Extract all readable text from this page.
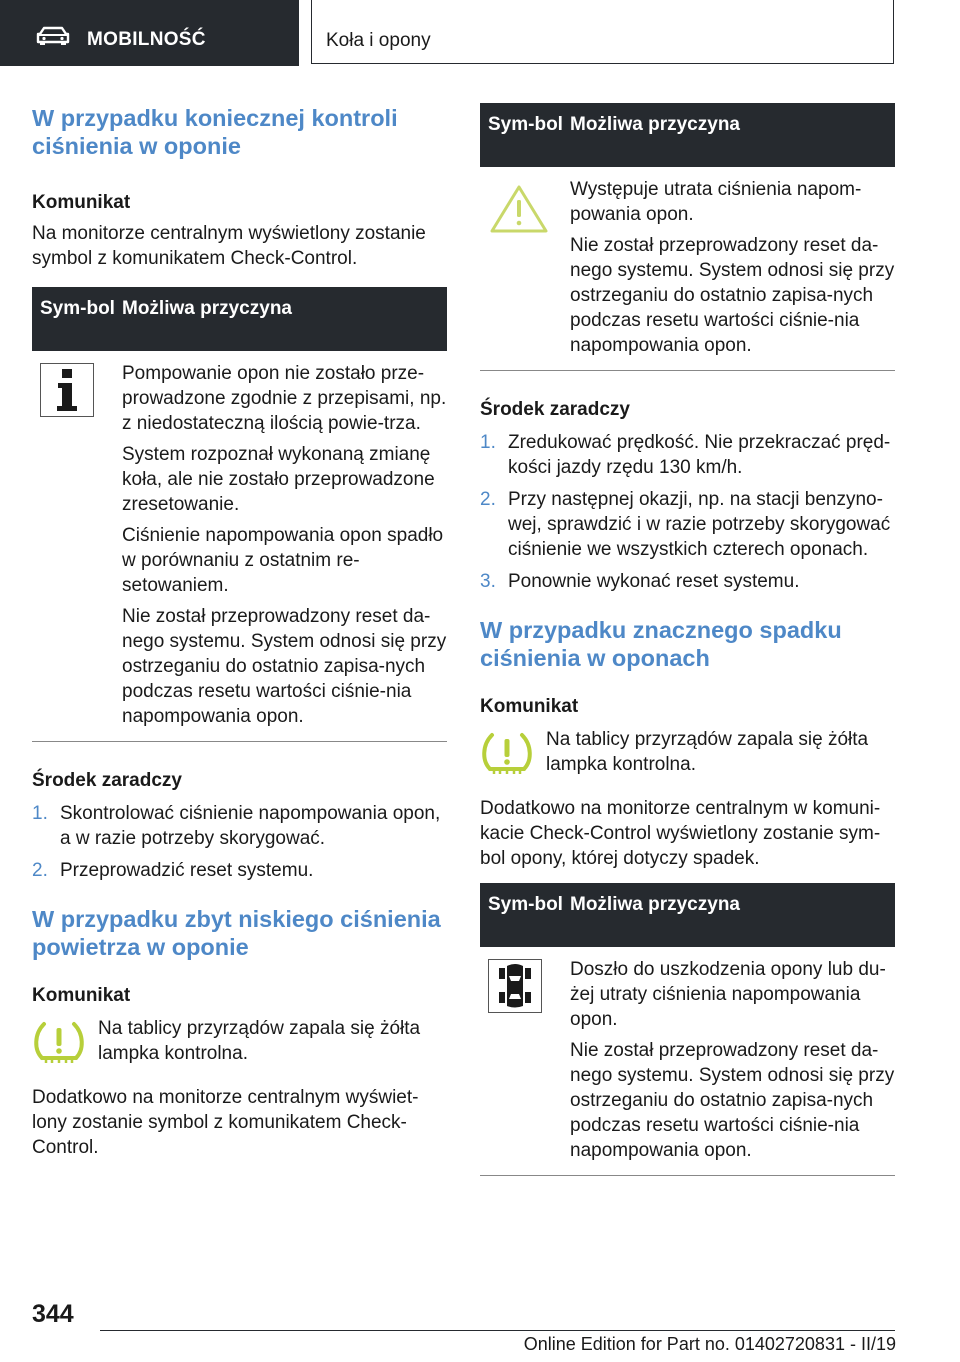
MOBILNOŚĆ	Koła i opony
W przypadku koniecznej kontroli ciśnienia w oponie
Komunikat

Na monitorze centralnym wyświetlony zostanie symbol z komunikatem Check-Control.

Sym-bol Możliwa przyczyna

Pompowanie opon nie zostało prze-prowadzone zgodnie z przepisami, np. z niedostateczną ilością powie-trza.

System rozpoznał wykonaną zmianę koła, ale nie zostało przeprowadzone zresetowanie.

Ciśnienie napompowania opon spadło w porównaniu z ostatnim re-setowaniem.

Nie został przeprowadzony reset da-nego systemu. System odnosi się przy ostrzeganiu do ostatnio zapisa-nych podczas resetu wartości ciśnie-nia napompowania opon.

Środek zaradczy
1. Skontrolować ciśnienie napompowania opon, a w razie potrzeby skorygować.
2. Przeprowadzić reset systemu.
W przypadku zbyt niskiego ciśnienia powietrza w oponie
Komunikat

Na tablicy przyrządów zapala się żółta lampka kontrolna.

Dodatkowo na monitorze centralnym wyświet-lony zostanie symbol z komunikatem Check-Control.

Sym-bol Możliwa przyczyna

Występuje utrata ciśnienia napom-powania opon.

Nie został przeprowadzony reset da-nego systemu. System odnosi się przy ostrzeganiu do ostatnio zapisa-nych podczas resetu wartości ciśnie-nia napompowania opon.

Środek zaradczy
1. Zredukować prędkość. Nie przekraczać pręd-kości jazdy rzędu 130 km/h.
2. Przy następnej okazji, np. na stacji benzyno-wej, sprawdzić i w razie potrzeby skorygować ciśnienie we wszystkich czterech oponach.
3. Ponownie wykonać reset systemu.
W przypadku znacznego spadku ciśnienia w oponach
Komunikat

Na tablicy przyrządów zapala się żółta lampka kontrolna.

Dodatkowo na monitorze centralnym w komuni-kacie Check-Control wyświetlony zostanie sym-bol opony, której dotyczy spadek.

Sym-bol Możliwa przyczyna

Doszło do uszkodzenia opony lub du-żej utraty ciśnienia napompowania opon.

Nie został przeprowadzony reset da-nego systemu. System odnosi się przy ostrzeganiu do ostatnio zapisa-nych podczas resetu wartości ciśnie-nia napompowania opon.

344
Online Edition for Part no. 01402720831 - II/19
